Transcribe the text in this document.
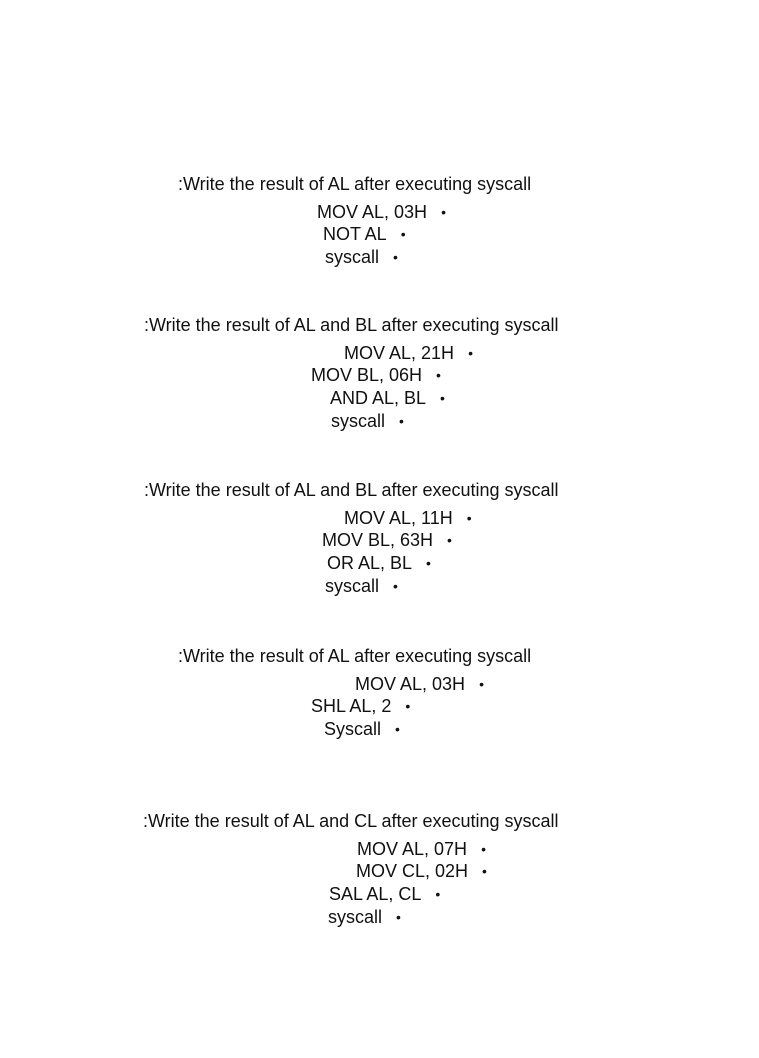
:Write the result of AL after executing syscall
MOV AL, 03H •
NOT AL •
syscall •
:Write the result of AL and BL after executing syscall
MOV AL, 21H •
MOV BL, 06H •
AND AL, BL •
syscall •
:Write the result of AL and BL after executing syscall
MOV AL, 11H •
MOV BL, 63H •
OR AL, BL •
syscall •
:Write the result of AL after executing syscall
MOV AL, 03H •
SHL AL, 2 •
Syscall •
:Write the result of AL and CL after executing syscall
MOV AL, 07H •
MOV CL, 02H •
SAL AL, CL •
syscall •
